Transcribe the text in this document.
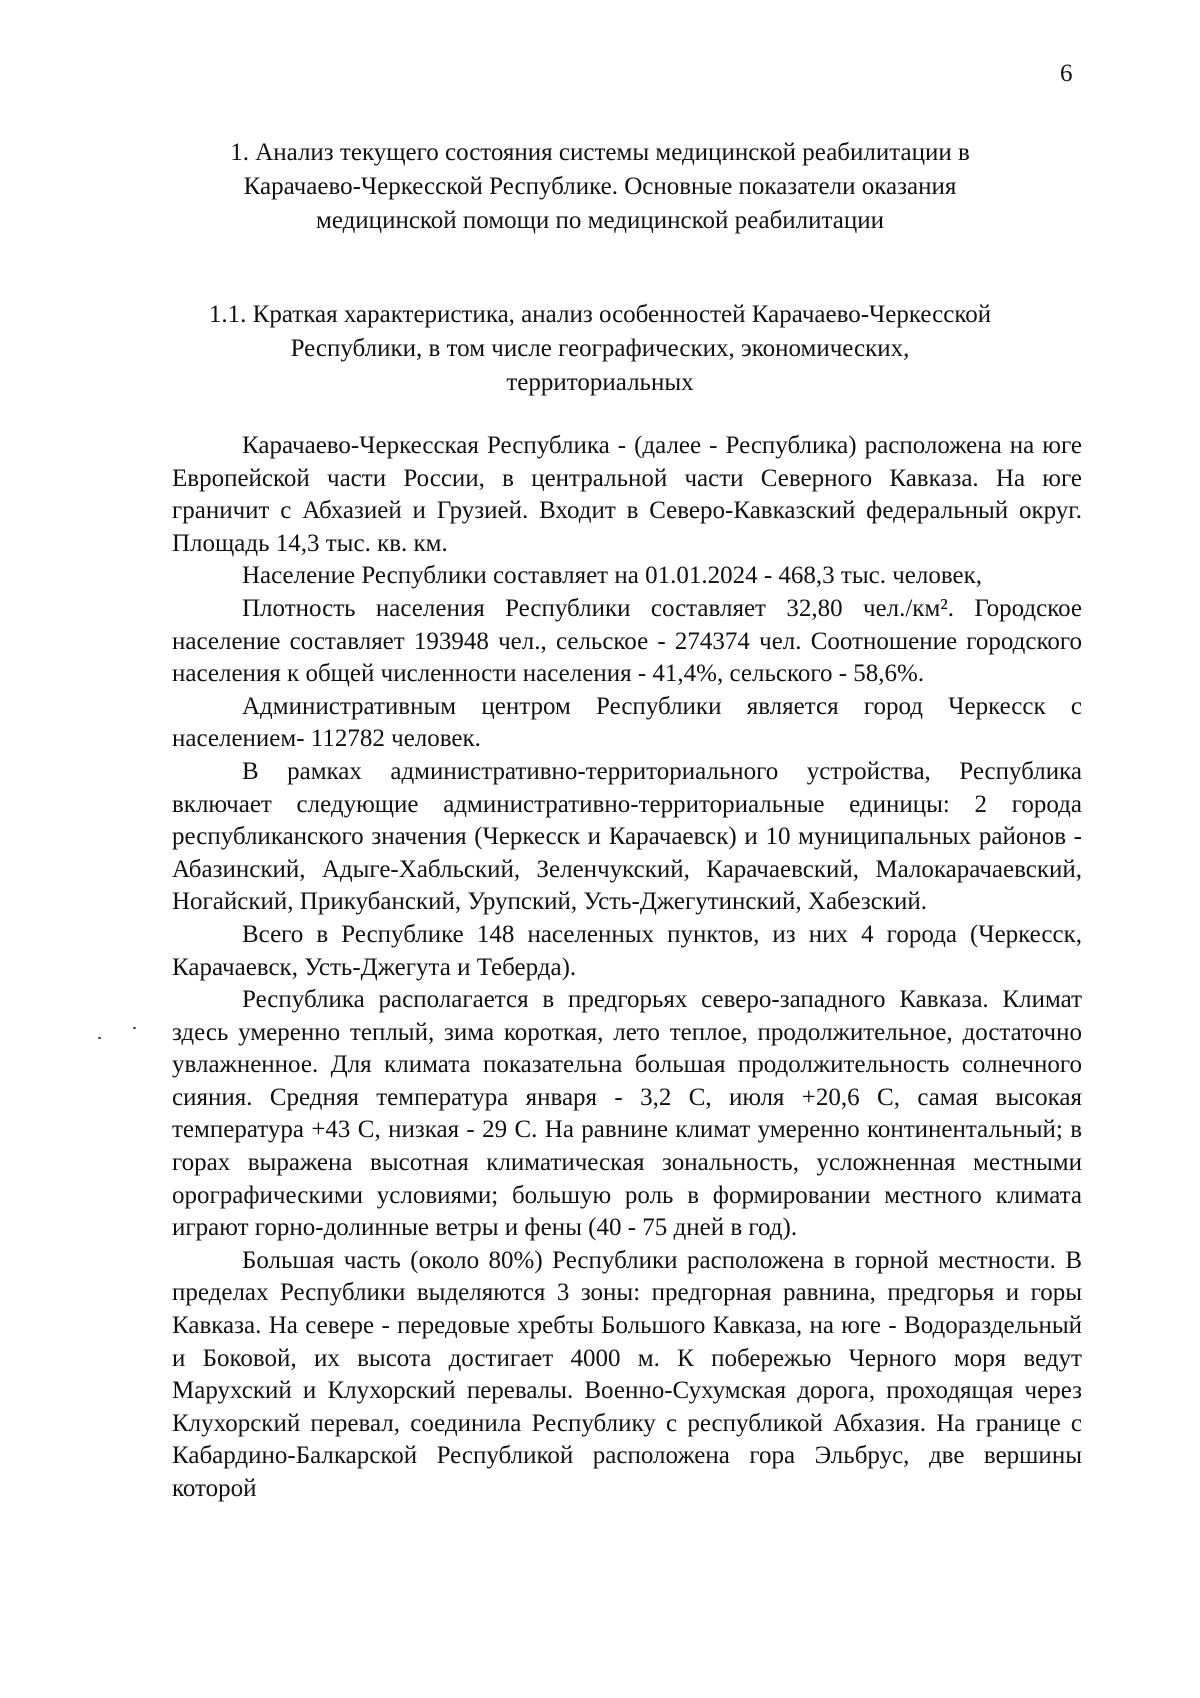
6
1. Анализ текущего состояния системы медицинской реабилитации в
Карачаево-Черкесской Республике. Основные показатели оказания
медицинской помощи по медицинской реабилитации
1.1. Краткая характеристика, анализ особенностей Карачаево-Черкесской
Республики, в том числе географических, экономических,
территориальных

Карачаево-Черкесская Республика - (далее - Республика) расположена на юге Европейской части России, в центральной части Северного Кавказа. На юге граничит с Абхазией и Грузией. Входит в Северо-Кавказский федеральный округ. Площадь 14,3 тыс. кв. км.

Население Республики составляет на 01.01.2024 - 468,3 тыс. человек,

Плотность населения Республики составляет 32,80 чел./км². Городское население составляет 193948 чел., сельское - 274374 чел. Соотношение городского населения к общей численности населения - 41,4%, сельского - 58,6%.

Административным центром Республики является город Черкесск с населением- 112782 человек.

В рамках административно-территориального устройства, Республика включает следующие административно-территориальные единицы: 2 города республиканского значения (Черкесск и Карачаевск) и 10 муниципальных районов - Абазинский, Адыге-Хабльский, Зеленчукский, Карачаевский, Малокарачаевский, Ногайский, Прикубанский, Урупский, Усть-Джегутинский, Хабезский.

Всего в Республике 148 населенных пунктов, из них 4 города (Черкесск, Карачаевск, Усть-Джегута и Теберда).

Республика располагается в предгорьях северо-западного Кавказа. Климат здесь умеренно теплый, зима короткая, лето теплое, продолжительное, достаточно увлажненное. Для климата показательна большая продолжительность солнечного сияния. Средняя температура января - 3,2 С, июля +20,6 С, самая высокая температура +43 С, низкая - 29 С. На равнине климат умеренно континентальный; в горах выражена высотная климатическая зональность, усложненная местными орографическими условиями; большую роль в формировании местного климата играют горно-долинные ветры и фены (40 - 75 дней в год).

Большая часть (около 80%) Республики расположена в горной местности. В пределах Республики выделяются 3 зоны: предгорная равнина, предгорья и горы Кавказа. На севере - передовые хребты Большого Кавказа, на юге - Водораздельный и Боковой, их высота достигает 4000 м. К побережью Черного моря ведут Марухский и Клухорский перевалы. Военно-Сухумская дорога, проходящая через Клухорский перевал, соединила Республику с республикой Абхазия. На границе с Кабардино-Балкарской Республикой расположена гора Эльбрус, две вершины которой
